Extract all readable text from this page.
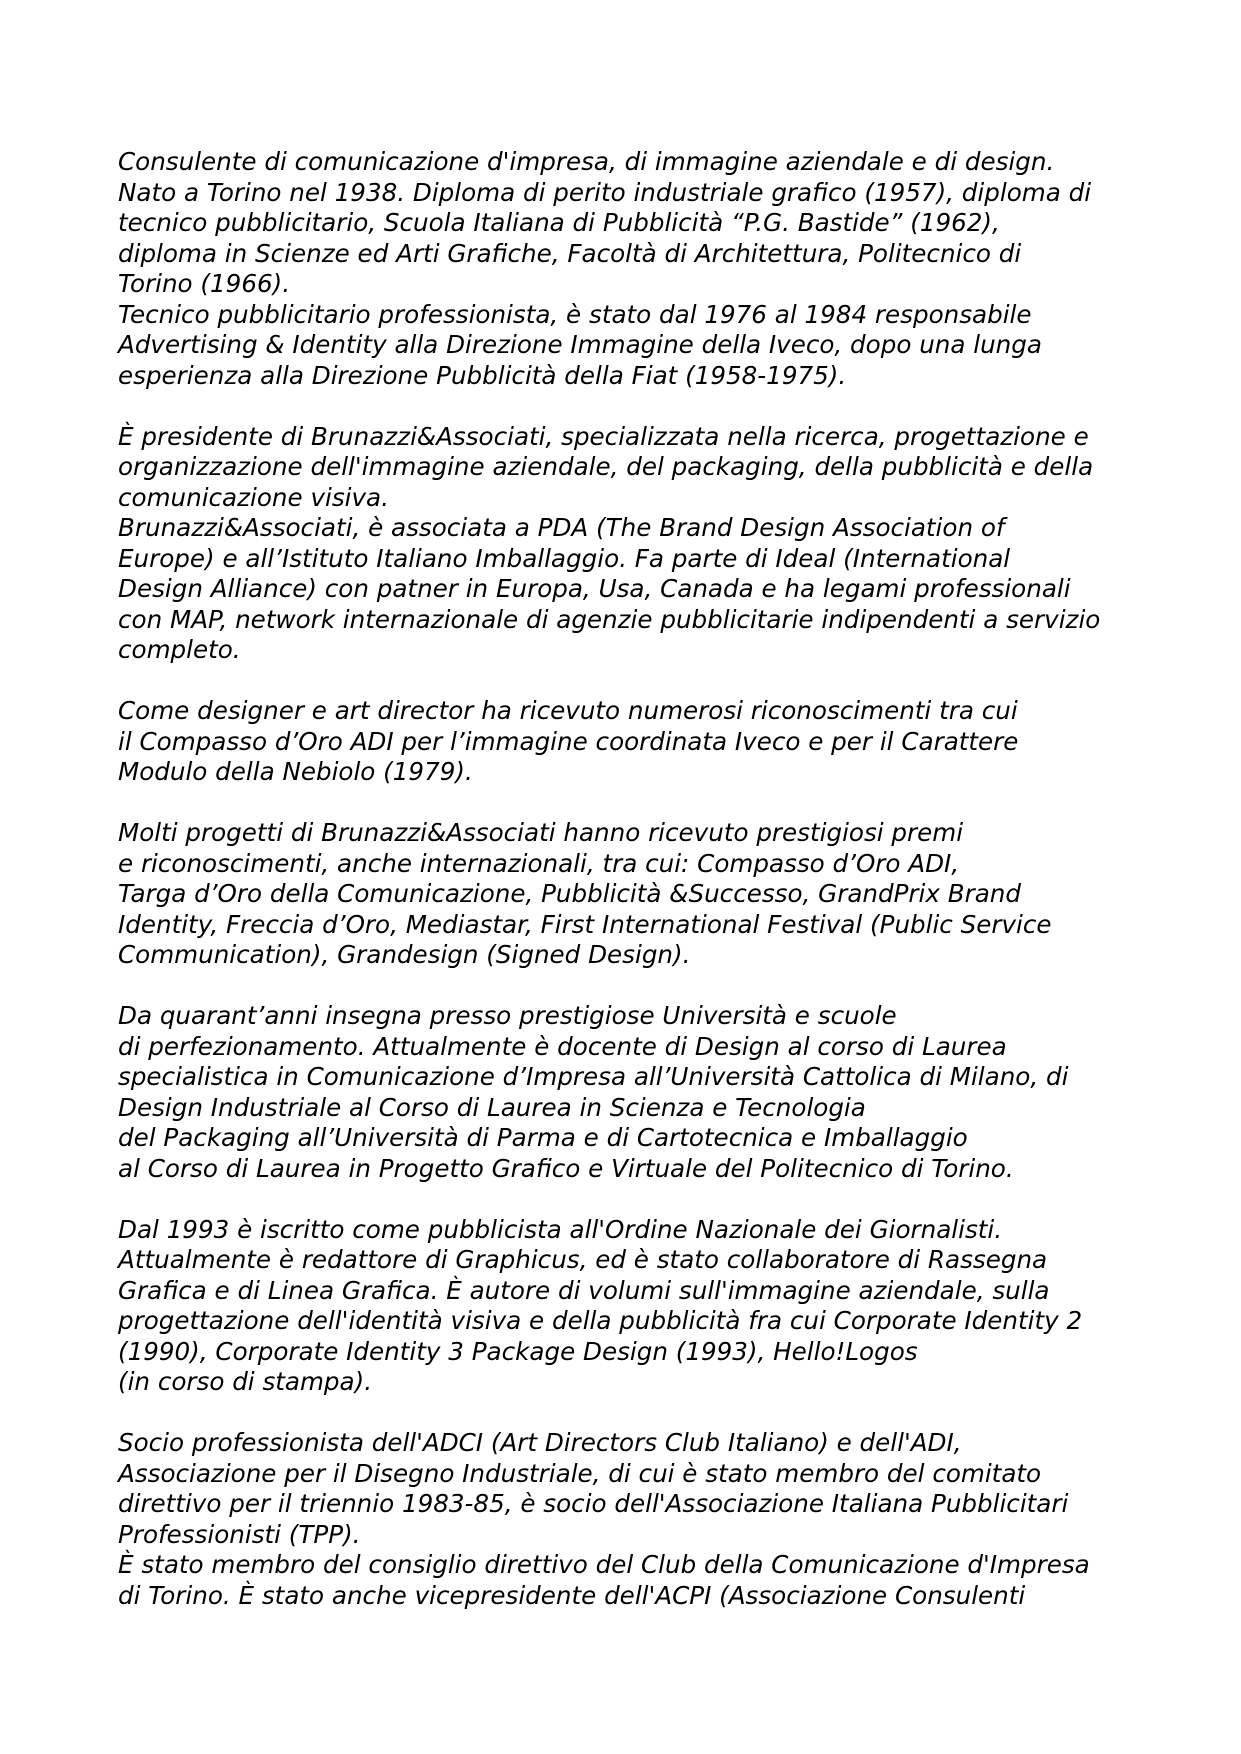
Consulente di comunicazione d'impresa, di immagine aziendale e di design.
Nato a Torino nel 1938. Diploma di perito industriale grafico (1957), diploma di
tecnico pubblicitario, Scuola Italiana di Pubblicità “P.G. Bastide” (1962),
diploma in Scienze ed Arti Grafiche, Facoltà di Architettura, Politecnico di
Torino (1966).
Tecnico pubblicitario professionista, è stato dal 1976 al 1984 responsabile
Advertising & Identity alla Direzione Immagine della Iveco, dopo una lunga
esperienza alla Direzione Pubblicità della Fiat (1958-1975).
È presidente di Brunazzi&Associati, specializzata nella ricerca, progettazione e
organizzazione dell'immagine aziendale, del packaging, della pubblicità e della
comunicazione visiva.
Brunazzi&Associati, è associata a PDA (The Brand Design Association of
Europe) e all’Istituto Italiano Imballaggio. Fa parte di Ideal (International
Design Alliance) con patner in Europa, Usa, Canada e ha legami professionali
con MAP, network internazionale di agenzie pubblicitarie indipendenti a servizio
completo.
Come designer e art director ha ricevuto numerosi riconoscimenti tra cui
il Compasso d’Oro ADI per l’immagine coordinata Iveco e per il Carattere
Modulo della Nebiolo (1979).
Molti progetti di Brunazzi&Associati hanno ricevuto prestigiosi premi
e riconoscimenti, anche internazionali, tra cui: Compasso d’Oro ADI,
Targa d’Oro della Comunicazione, Pubblicità &Successo, GrandPrix Brand
Identity, Freccia d’Oro, Mediastar, First International Festival (Public Service
Communication), Grandesign (Signed Design).
Da quarant’anni insegna presso prestigiose Università e scuole
di perfezionamento. Attualmente è docente di Design al corso di Laurea
specialistica in Comunicazione d’Impresa all’Università Cattolica di Milano, di
Design Industriale al Corso di Laurea in Scienza e Tecnologia
del Packaging all’Università di Parma e di Cartotecnica e Imballaggio
al Corso di Laurea in Progetto Grafico e Virtuale del Politecnico di Torino.
Dal 1993 è iscritto come pubblicista all'Ordine Nazionale dei Giornalisti.
Attualmente è redattore di Graphicus, ed è stato collaboratore di Rassegna
Grafica e di Linea Grafica. È autore di volumi sull'immagine aziendale, sulla
progettazione dell'identità visiva e della pubblicità fra cui Corporate Identity 2
(1990), Corporate Identity 3 Package Design (1993), Hello!Logos
(in corso di stampa).
Socio professionista dell'ADCI (Art Directors Club Italiano) e dell'ADI,
Associazione per il Disegno Industriale, di cui è stato membro del comitato
direttivo per il triennio 1983-85, è socio dell'Associazione Italiana Pubblicitari
Professionisti (TPP).
È stato membro del consiglio direttivo del Club della Comunicazione d'Impresa
di Torino. È stato anche vicepresidente dell'ACPI (Associazione Consulenti
